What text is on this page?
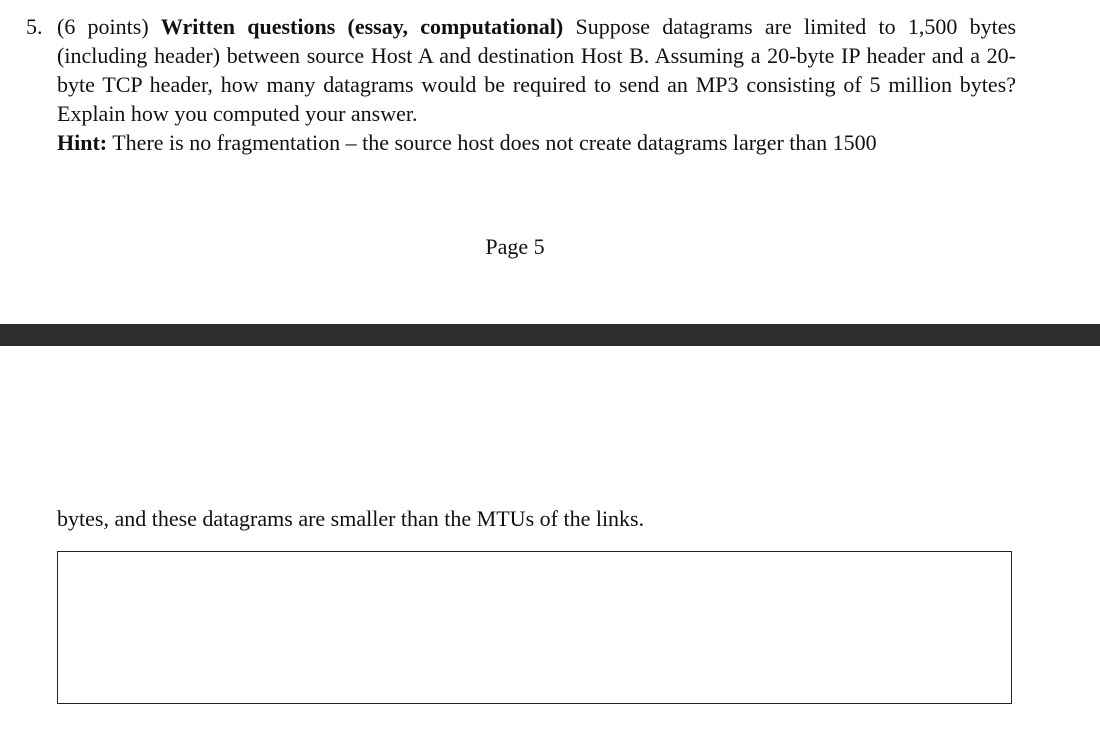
5. (6 points) Written questions (essay, computational) Suppose datagrams are limited to 1,500 bytes (including header) between source Host A and destination Host B. Assuming a 20-byte IP header and a 20-byte TCP header, how many datagrams would be required to send an MP3 consisting of 5 million bytes? Explain how you computed your answer.
Hint: There is no fragmentation – the source host does not create datagrams larger than 1500
Page 5
bytes, and these datagrams are smaller than the MTUs of the links.
